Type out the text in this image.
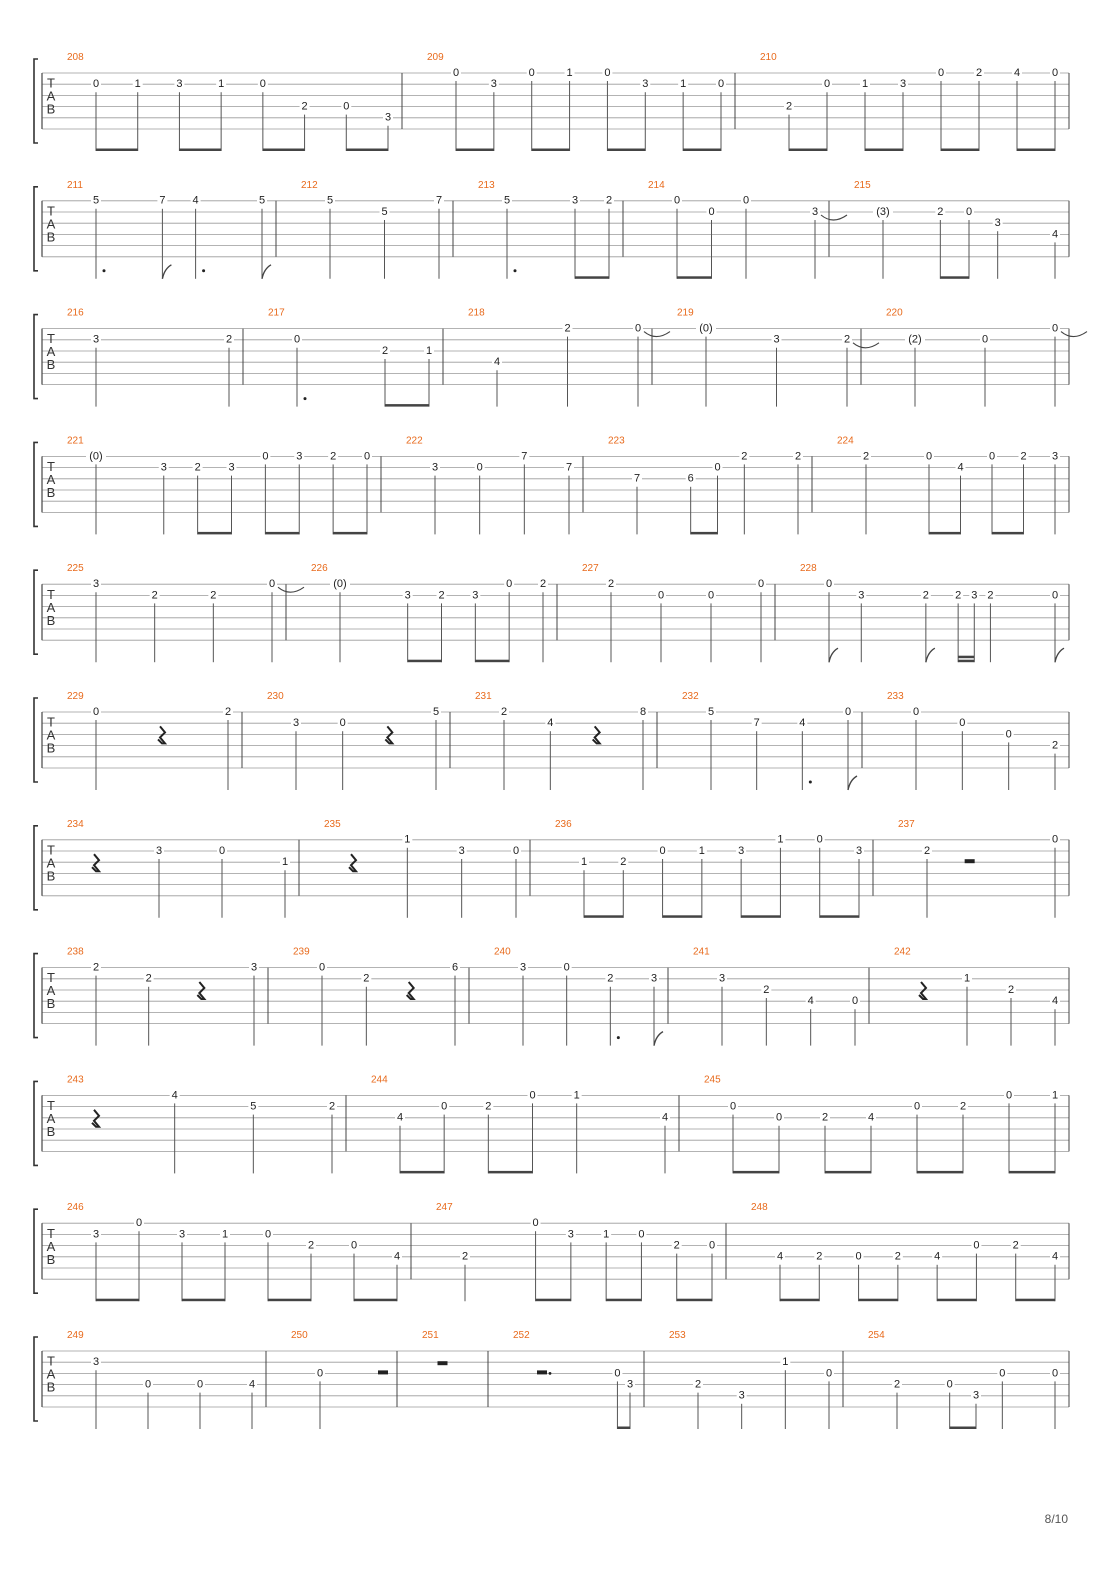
T
A
B
208
0	1	3	1	0
2	0
3
209
0
3
0	1	0
3	1	0
210
2
0	1	3
0	2	4	0
T
A
B
211
5	7 4	5
212
5
5
7
213
5	3	2
214
0
0
0
3
215
(3)	2 0
3
4
T
A
B
216
3	2
217
0
2	1
218
4
2	0
219
(0)
3	2
220
(2)	0
0
T
A
B
221
(0)
3	2	3
0	3	2	0
222
3	0
7
7
223
7	6
0
2	2
224
2	0
4
0 2 3
T
A
B
225
3
2	2
0
226
(0)
3	2	3
0	2
227
2
0	0
0
228
0
3	2 2 3 2	0
T
A
B
229
0	2
230
3	0
5
231
2
4
8
232
5
7	4
0
233
0
0
0
2
T
A
B
234
3	0
1
235
1
3	0
236
1	2
0	1	3
1	0
3
237
2
0
T
A
B
238
2
2
3
239
0
2
6
240
3	0
2	3
241
3
2
4	0
242
1
2
4
T
A
B
243
4
5	2
244
4
0	2
0	1
4
245
0
0	2	4
0	2
0	1
T
A
B
246
3
0
3	1	0
2	0
4
247
2
0
3	1	0
2	0
248
4	2	0	2	4
0	2
4
T
A
B
249
3
0	0	4
250
0
251	252
0
3
253
2
3
1
0
254
2	0
3
0	0
8/10
